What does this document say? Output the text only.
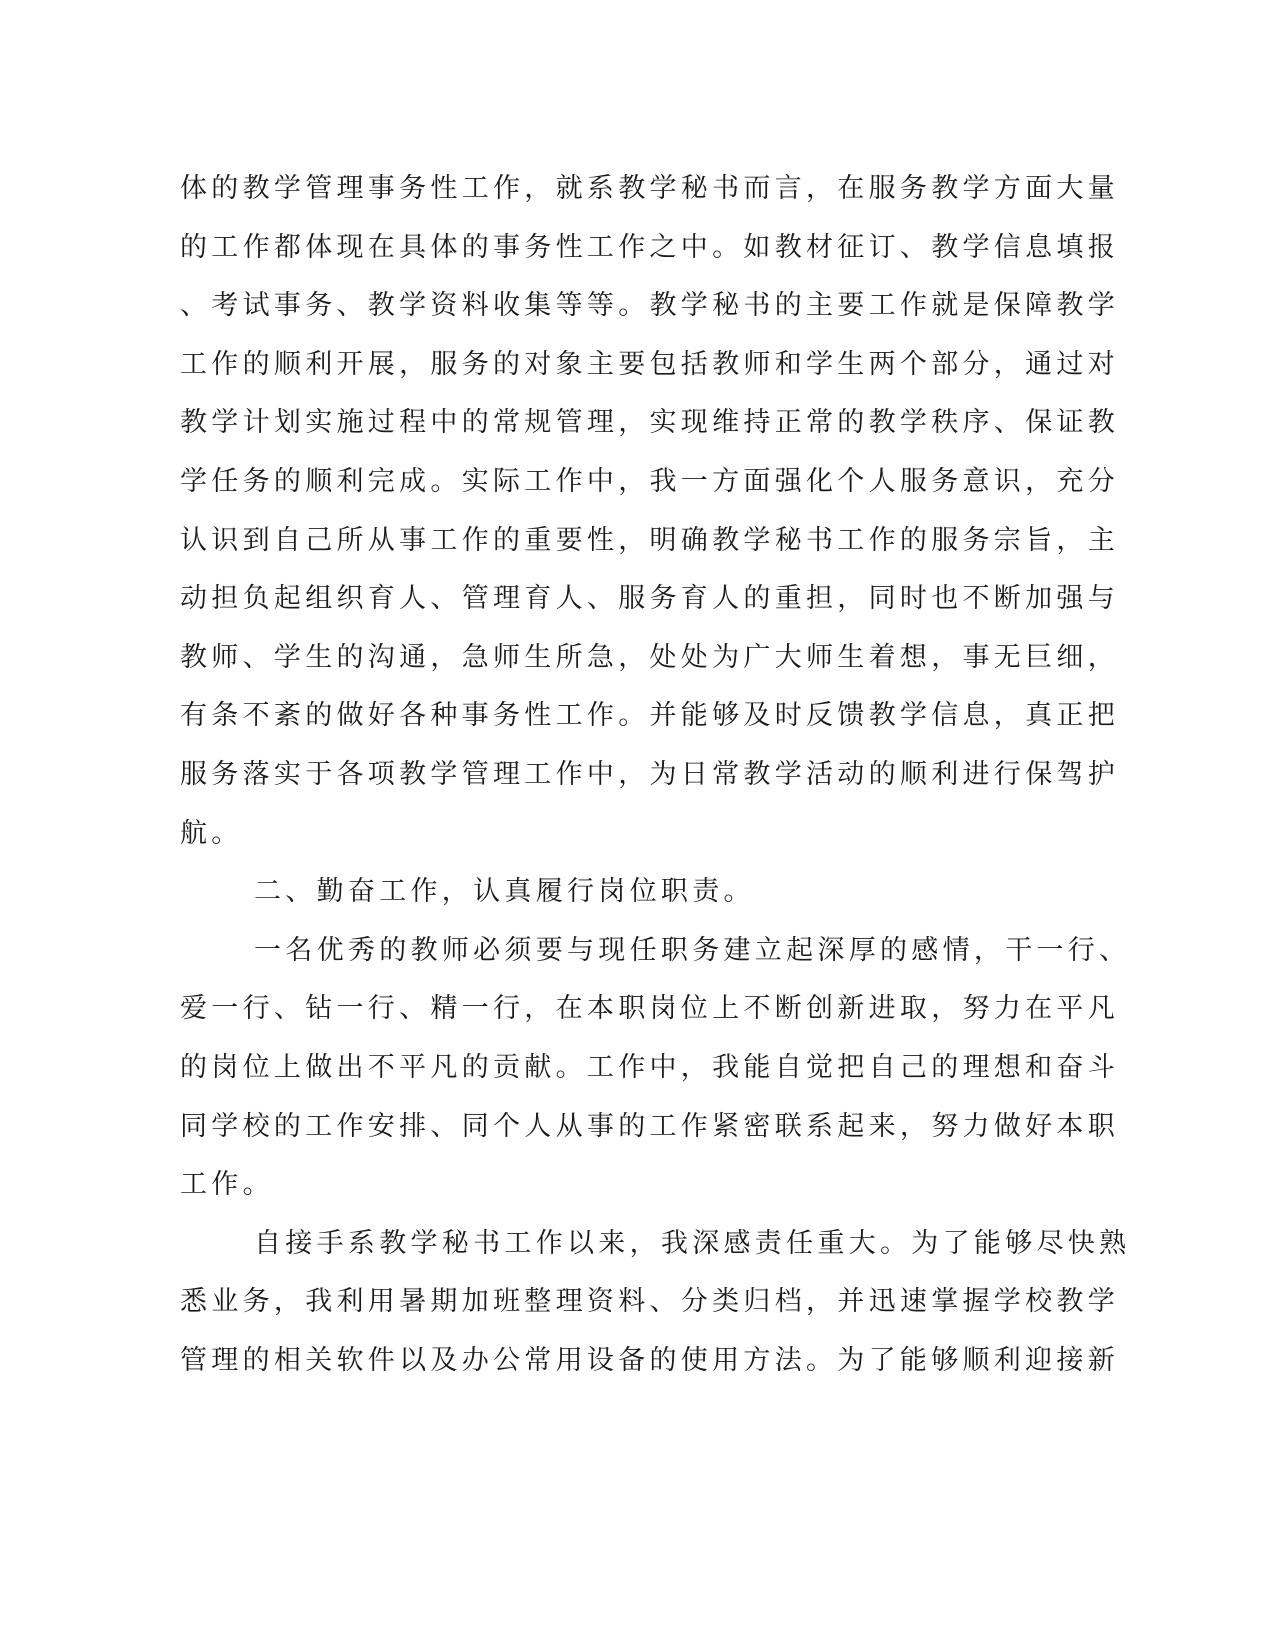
体的教学管理事务性工作，就系教学秘书而言，在服务教学方面大量
的工作都体现在具体的事务性工作之中。如教材征订、教学信息填报
、考试事务、教学资料收集等等。教学秘书的主要工作就是保障教学
工作的顺利开展，服务的对象主要包括教师和学生两个部分，通过对
教学计划实施过程中的常规管理，实现维持正常的教学秩序、保证教
学任务的顺利完成。实际工作中，我一方面强化个人服务意识，充分
认识到自己所从事工作的重要性，明确教学秘书工作的服务宗旨，主
动担负起组织育人、管理育人、服务育人的重担，同时也不断加强与
教师、学生的沟通，急师生所急，处处为广大师生着想，事无巨细，
有条不紊的做好各种事务性工作。并能够及时反馈教学信息，真正把
服务落实于各项教学管理工作中，为日常教学活动的顺利进行保驾护
航。
二、勤奋工作，认真履行岗位职责。
一名优秀的教师必须要与现任职务建立起深厚的感情，干一行、
爱一行、钻一行、精一行，在本职岗位上不断创新进取，努力在平凡
的岗位上做出不平凡的贡献。工作中，我能自觉把自己的理想和奋斗
同学校的工作安排、同个人从事的工作紧密联系起来，努力做好本职
工作。
自接手系教学秘书工作以来，我深感责任重大。为了能够尽快熟
悉业务，我利用暑期加班整理资料、分类归档，并迅速掌握学校教学
管理的相关软件以及办公常用设备的使用方法。为了能够顺利迎接新
